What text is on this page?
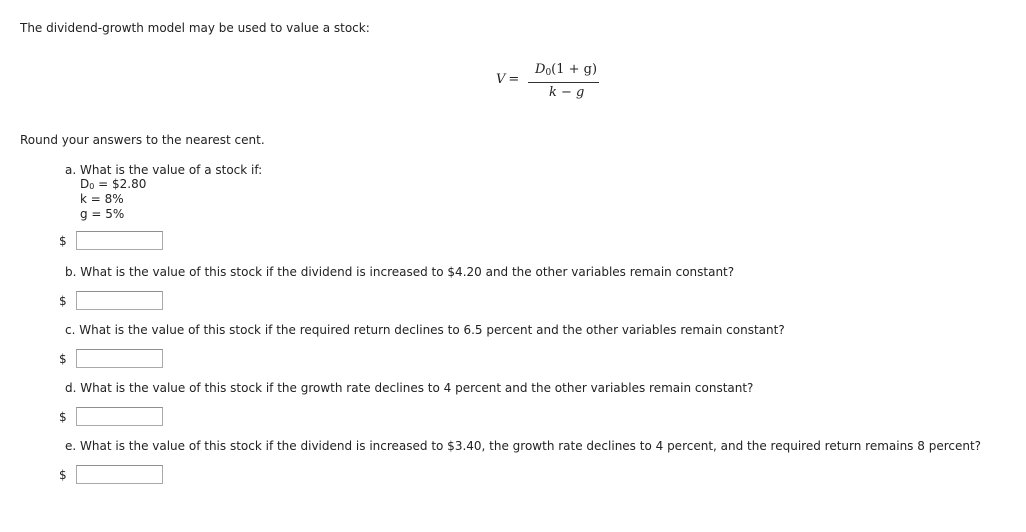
The dividend-growth model may be used to value a stock:
V =
$D_0(1 + g)$
k − g
Round your answers to the nearest cent.
a. What is the value of a stock if:
$D_0$ = $2.80
k = 8%
g = 5%
$
b. What is the value of this stock if the dividend is increased to $4.20 and the other variables remain constant?
$
c. What is the value of this stock if the required return declines to 6.5 percent and the other variables remain constant?
$
d. What is the value of this stock if the growth rate declines to 4 percent and the other variables remain constant?
$
e. What is the value of this stock if the dividend is increased to $3.40, the growth rate declines to 4 percent, and the required return remains 8 percent?
$
